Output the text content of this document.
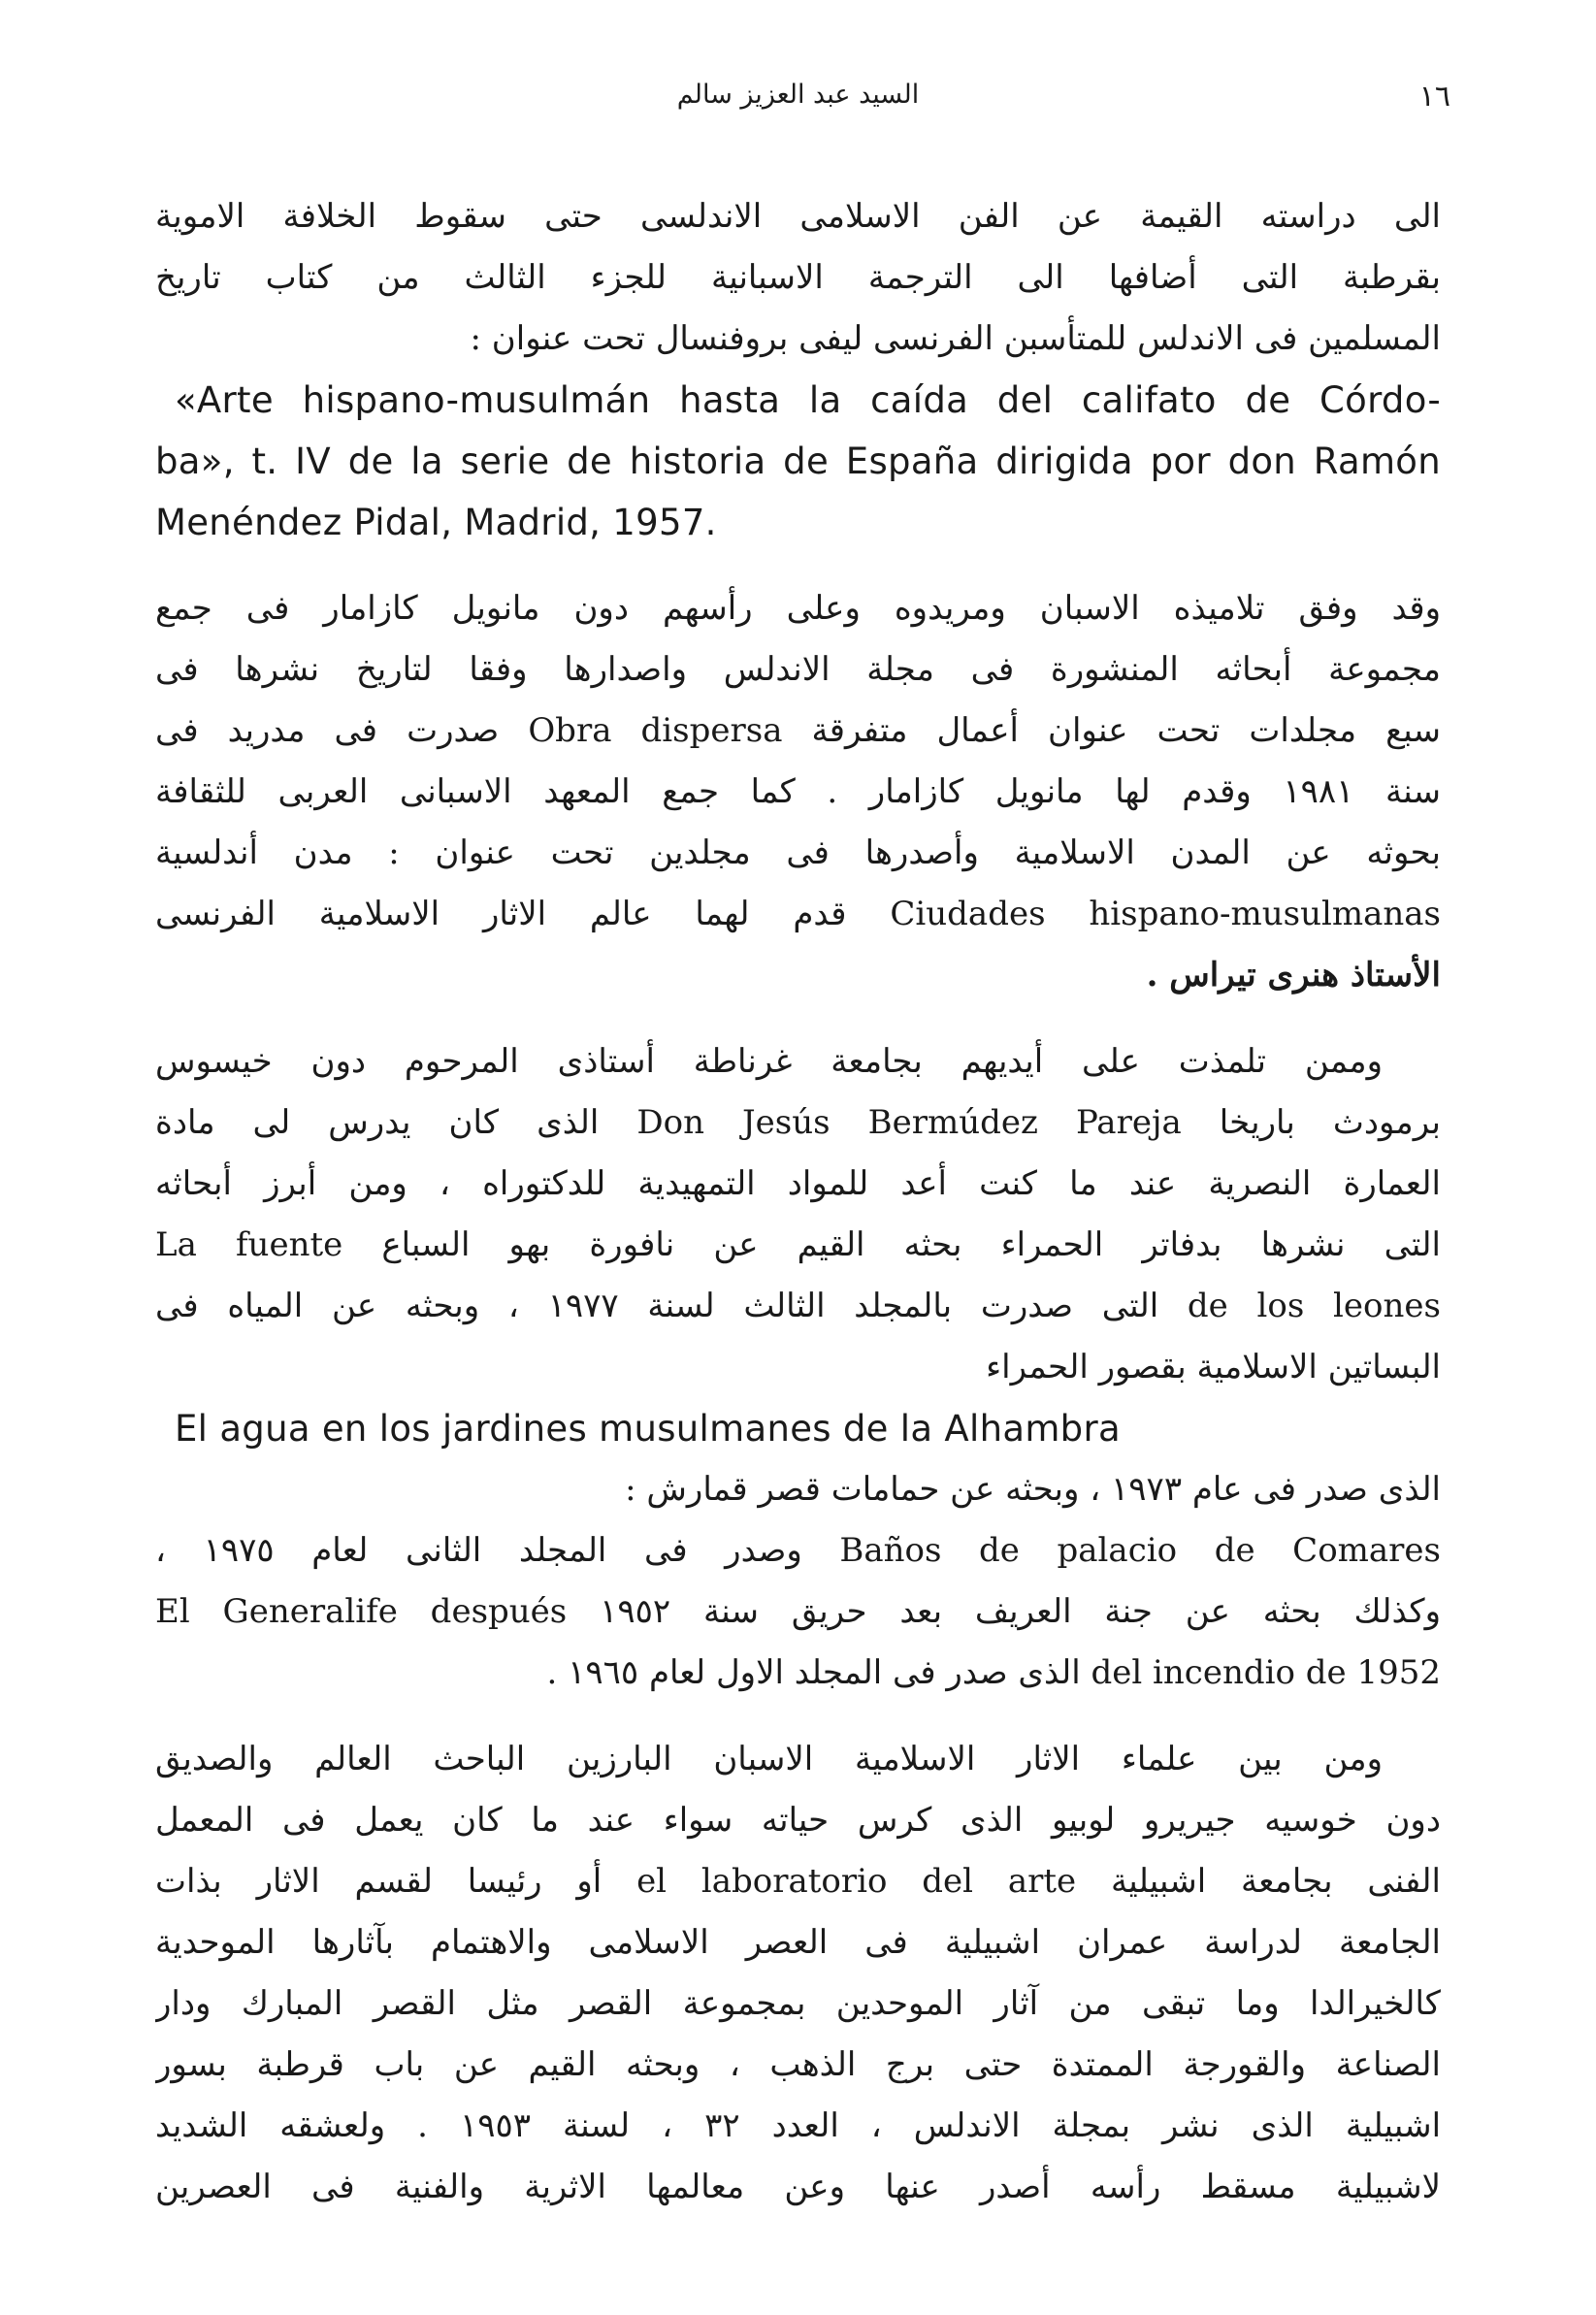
السيد عبد العزيز سالم	١٦
الى دراسته القيمة عن الفن الاسلامى الاندلسى حتى سقوط الخلافة الاموية
بقرطبة التى أضافها الى الترجمة الاسبانية للجزء الثالث من كتاب تاريخ
المسلمين فى الاندلس للمتأسبن الفرنسى ليفى بروفنسال تحت عنوان :
«Arte hispano-musulmán hasta la caída del califato de Córdo-
ba», t. IV de la serie de historia de España dirigida por don Ramón
Menéndez Pidal, Madrid, 1957.
وقد وفق تلاميذه الاسبان ومريدوه وعلى رأسهم دون مانويل كازامار فى جمع
مجموعة أبحاثه المنشورة فى مجلة الاندلس واصدارها وفقا لتاريخ نشرها فى
سبع مجلدات تحت عنوان أعمال متفرقة Obra dispersa صدرت فى مدريد فى
سنة ١٩٨١ وقدم لها مانويل كازامار . كما جمع المعهد الاسبانى العربى للثقافة
بحوثه عن المدن الاسلامية وأصدرها فى مجلدين تحت عنوان : مدن أندلسية
Ciudades hispano-musulmanas قدم لهما عالم الاثار الاسلامية الفرنسى
الأستاذ هنرى تيراس .
وممن تلمذت على أيديهم بجامعة غرناطة أستاذى المرحوم دون خيسوس
برمودث باريخا Don Jesús Bermúdez Pareja الذى كان يدرس لى مادة
العمارة النصرية عند ما كنت أعد للمواد التمهيدية للدكتوراه ، ومن أبرز أبحاثه
التى نشرها بدفاتر الحمراء بحثه القيم عن نافورة بهو السباع La fuente
de los leones التى صدرت بالمجلد الثالث لسنة ١٩٧٧ ، وبحثه عن المياه فى
البساتين الاسلامية بقصور الحمراء
El agua en los jardines musulmanes de la Alhambra
الذى صدر فى عام ١٩٧٣ ، وبحثه عن حمامات قصر قمارش :
Baños de palacio de Comares وصدر فى المجلد الثانى لعام ١٩٧٥ ،
وكذلك بحثه عن جنة العريف بعد حريق سنة ١٩٥٢ El Generalife después
del incendio de 1952 الذى صدر فى المجلد الاول لعام ١٩٦٥ .
ومن بين علماء الاثار الاسلامية الاسبان البارزين الباحث العالم والصديق
دون خوسيه جيريرو لوبيو الذى كرس حياته سواء عند ما كان يعمل فى المعمل
الفنى بجامعة اشبيلية el laboratorio del arte أو رئيسا لقسم الاثار بذات
الجامعة لدراسة عمران اشبيلية فى العصر الاسلامى والاهتمام بآثارها الموحدية
كالخيرالدا وما تبقى من آثار الموحدين بمجموعة القصر مثل القصر المبارك ودار
الصناعة والقورجة الممتدة حتى برج الذهب ، وبحثه القيم عن باب قرطبة بسور
اشبيلية الذى نشر بمجلة الاندلس ، العدد ٣٢ ، لسنة ١٩٥٣ . ولعشقه الشديد
لاشبيلية مسقط رأسه أصدر عنها وعن معالمها الاثرية والفنية فى العصرين
